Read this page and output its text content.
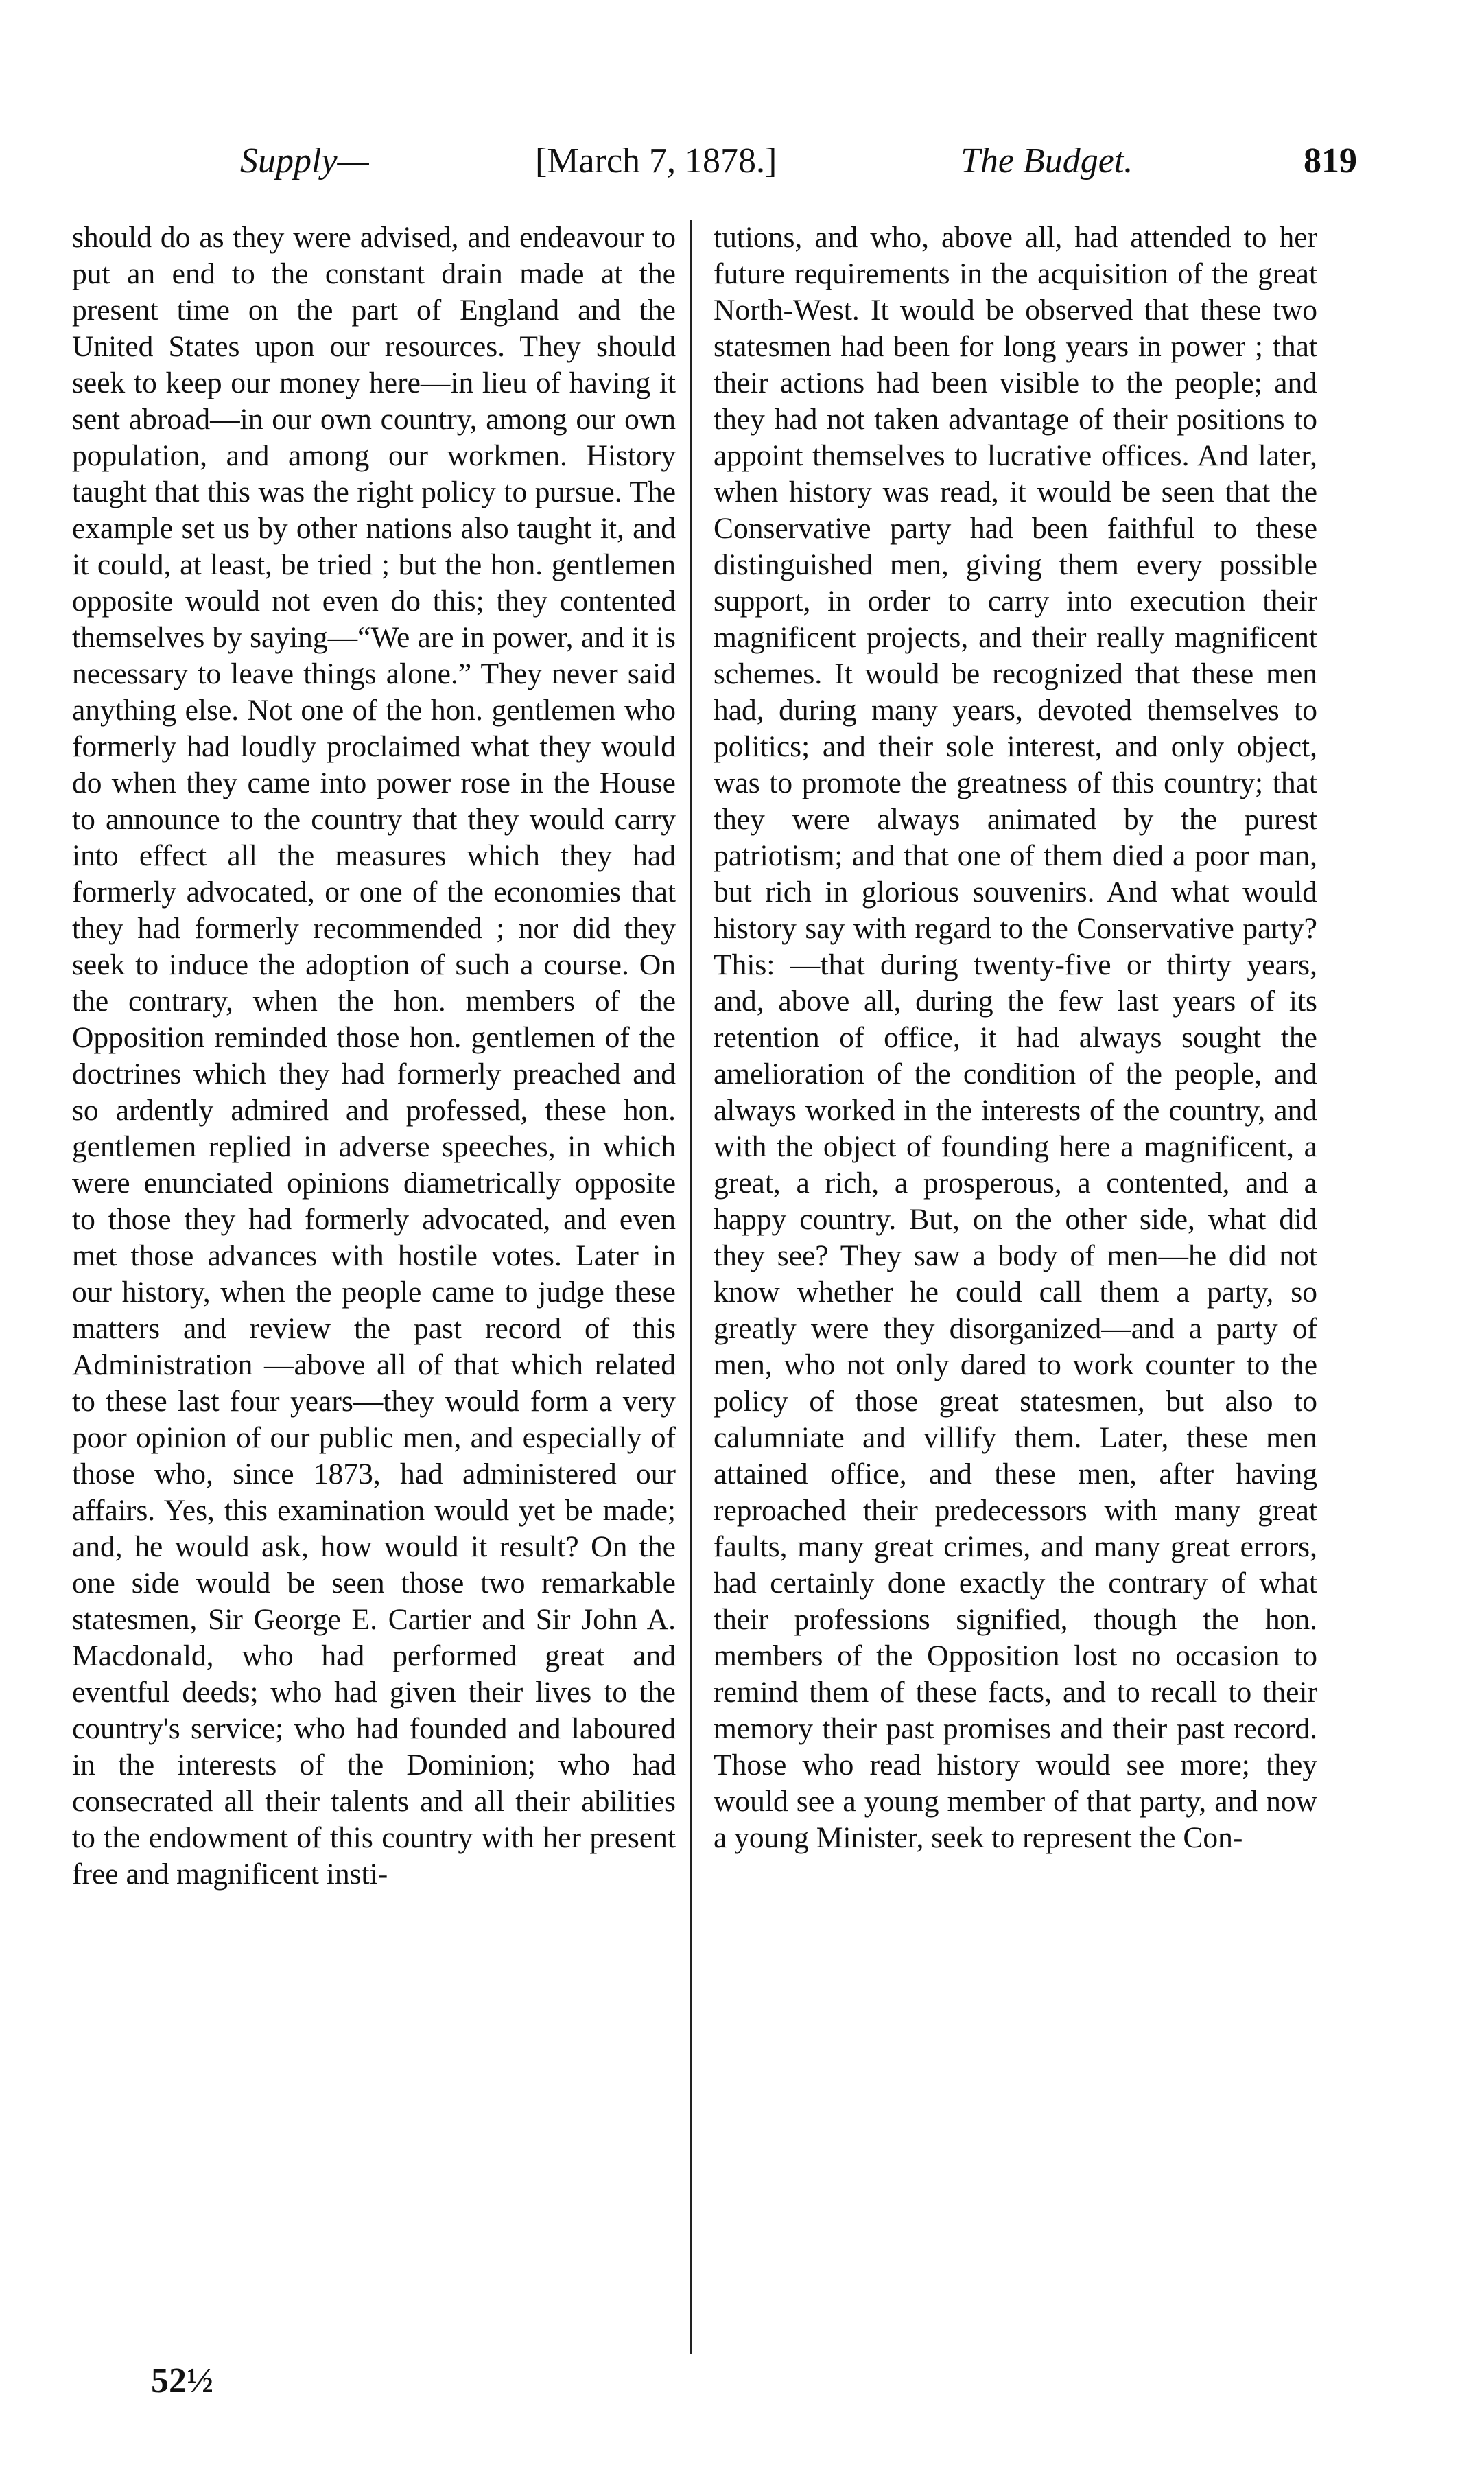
Supply—	[March 7, 1878.]	The Budget.	819
should do as they were advised, and endeavour to put an end to the constant drain made at the present time on the part of England and the United States upon our resources. They should seek to keep our money here—in lieu of having it sent abroad—in our own country, among our own population, and among our workmen. History taught that this was the right policy to pursue. The example set us by other nations also taught it, and it could, at least, be tried ; but the hon. gentlemen opposite would not even do this; they contented themselves by saying—“We are in power, and it is necessary to leave things alone.” They never said anything else. Not one of the hon. gentlemen who formerly had loudly proclaimed what they would do when they came into power rose in the House to announce to the country that they would carry into effect all the measures which they had formerly advocated, or one of the economies that they had formerly recommended ; nor did they seek to induce the adoption of such a course. On the contrary, when the hon. members of the Opposition reminded those hon. gentlemen of the doctrines which they had formerly preached and so ardently admired and professed, these hon. gentlemen replied in adverse speeches, in which were enunciated opinions diametrically opposite to those they had formerly advocated, and even met those advances with hostile votes. Later in our history, when the people came to judge these matters and review the past record of this Administration —above all of that which related to these last four years—they would form a very poor opinion of our public men, and especially of those who, since 1873, had administered our affairs. Yes, this examination would yet be made; and, he would ask, how would it result? On the one side would be seen those two remarkable statesmen, Sir George E. Cartier and Sir John A. Macdonald, who had performed great and eventful deeds; who had given their lives to the country's service; who had founded and laboured in the interests of the Dominion; who had consecrated all their talents and all their abilities to the endowment of this country with her present free and magnificent insti-
tutions, and who, above all, had attended to her future requirements in the acquisition of the great North-West. It would be observed that these two statesmen had been for long years in power ; that their actions had been visible to the people; and they had not taken advantage of their positions to appoint themselves to lucrative offices. And later, when history was read, it would be seen that the Conservative party had been faithful to these distinguished men, giving them every possible support, in order to carry into execution their magnificent projects, and their really magnificent schemes. It would be recognized that these men had, during many years, devoted themselves to politics; and their sole interest, and only object, was to promote the greatness of this country; that they were always animated by the purest patriotism; and that one of them died a poor man, but rich in glorious souvenirs. And what would history say with regard to the Conservative party? This: —that during twenty-five or thirty years, and, above all, during the few last years of its retention of office, it had always sought the amelioration of the condition of the people, and always worked in the interests of the country, and with the object of founding here a magnificent, a great, a rich, a prosperous, a contented, and a happy country. But, on the other side, what did they see? They saw a body of men—he did not know whether he could call them a party, so greatly were they disorganized—and a party of men, who not only dared to work counter to the policy of those great statesmen, but also to calumniate and villify them. Later, these men attained office, and these men, after having reproached their predecessors with many great faults, many great crimes, and many great errors, had certainly done exactly the contrary of what their professions signified, though the hon. members of the Opposition lost no occasion to remind them of these facts, and to recall to their memory their past promises and their past record. Those who read history would see more; they would see a young member of that party, and now a young Minister, seek to represent the Con-
52½
